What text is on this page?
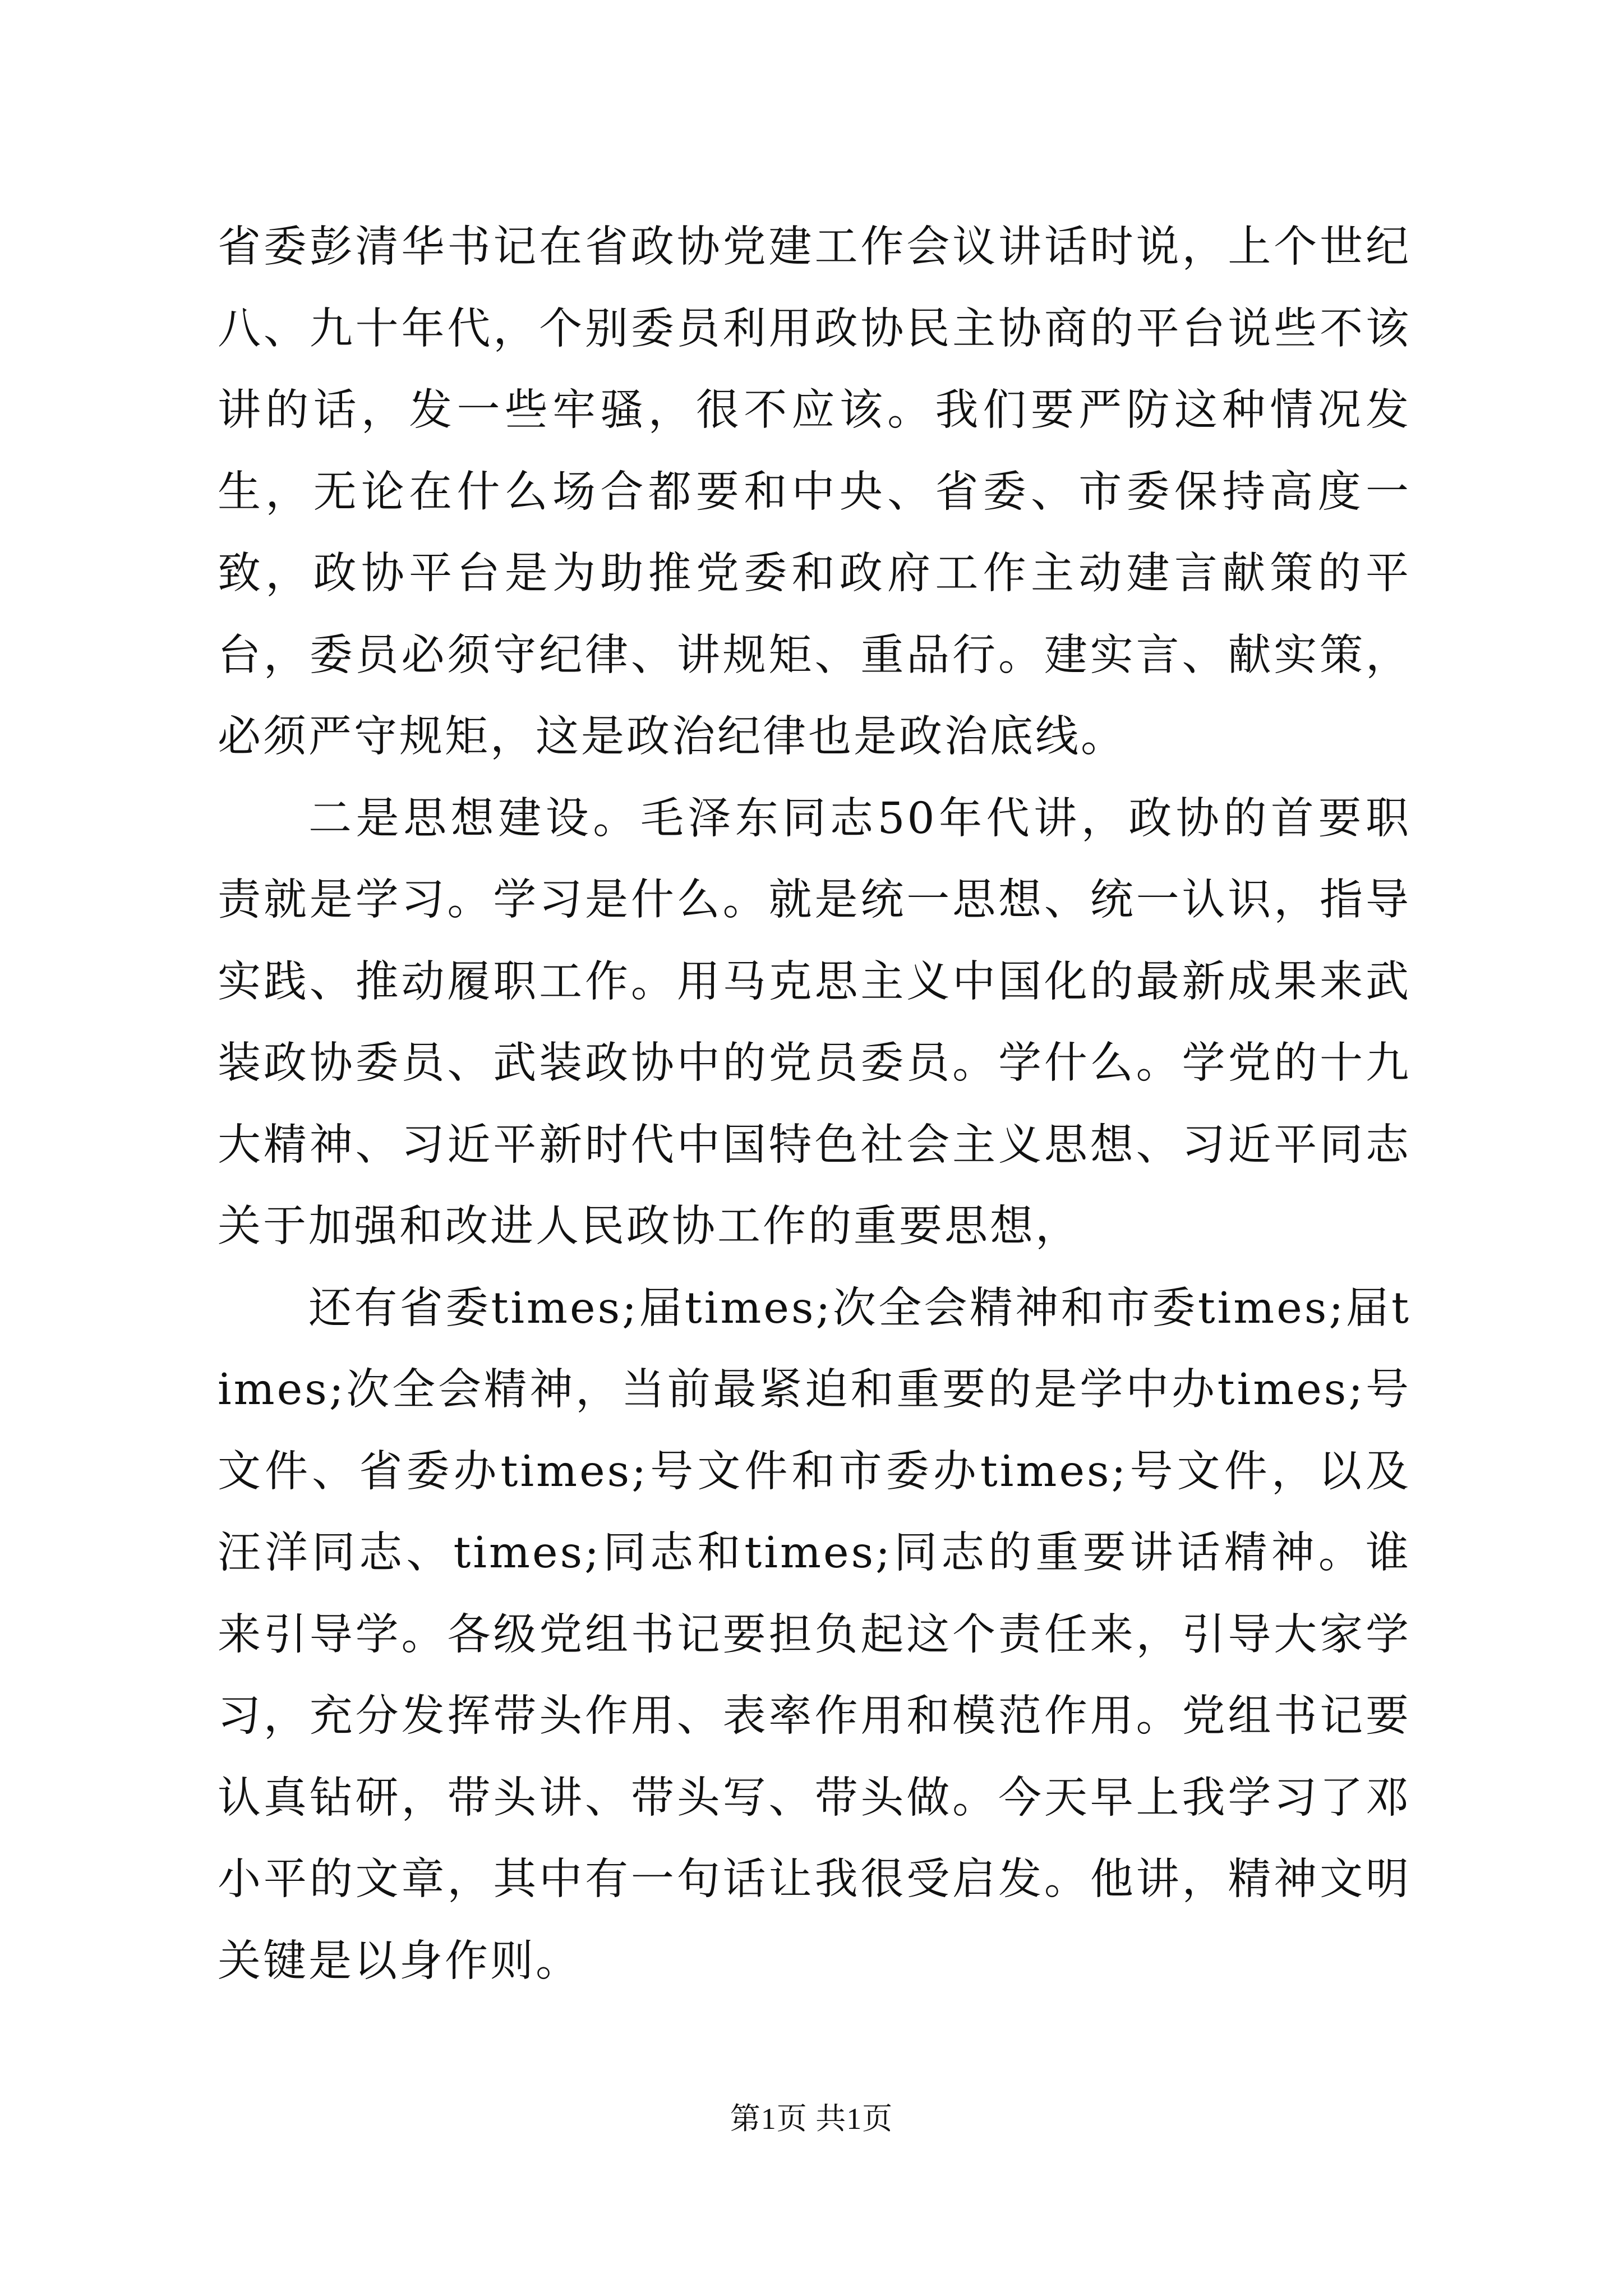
省委彭清华书记在省政协党建工作会议讲话时说，上个世纪八、九十年代，个别委员利用政协民主协商的平台说些不该讲的话，发一些牢骚，很不应该。我们要严防这种情况发生，无论在什么场合都要和中央、省委、市委保持高度一致，政协平台是为助推党委和政府工作主动建言献策的平台，委员必须守纪律、讲规矩、重品行。建实言、献实策，必须严守规矩，这是政治纪律也是政治底线。

二是思想建设。毛泽东同志50年代讲，政协的首要职责就是学习。学习是什么。就是统一思想、统一认识，指导实践、推动履职工作。用马克思主义中国化的最新成果来武装政协委员、武装政协中的党员委员。学什么。学党的十九大精神、习近平新时代中国特色社会主义思想、习近平同志关于加强和改进人民政协工作的重要思想，

还有省委times;届times;次全会精神和市委times;届times;次全会精神，当前最紧迫和重要的是学中办times;号文件、省委办times;号文件和市委办times;号文件，以及汪洋同志、times;同志和times;同志的重要讲话精神。谁来引导学。各级党组书记要担负起这个责任来，引导大家学习，充分发挥带头作用、表率作用和模范作用。党组书记要认真钻研，带头讲、带头写、带头做。今天早上我学习了邓小平的文章，其中有一句话让我很受启发。他讲，精神文明关键是以身作则。

第1页 共1页
